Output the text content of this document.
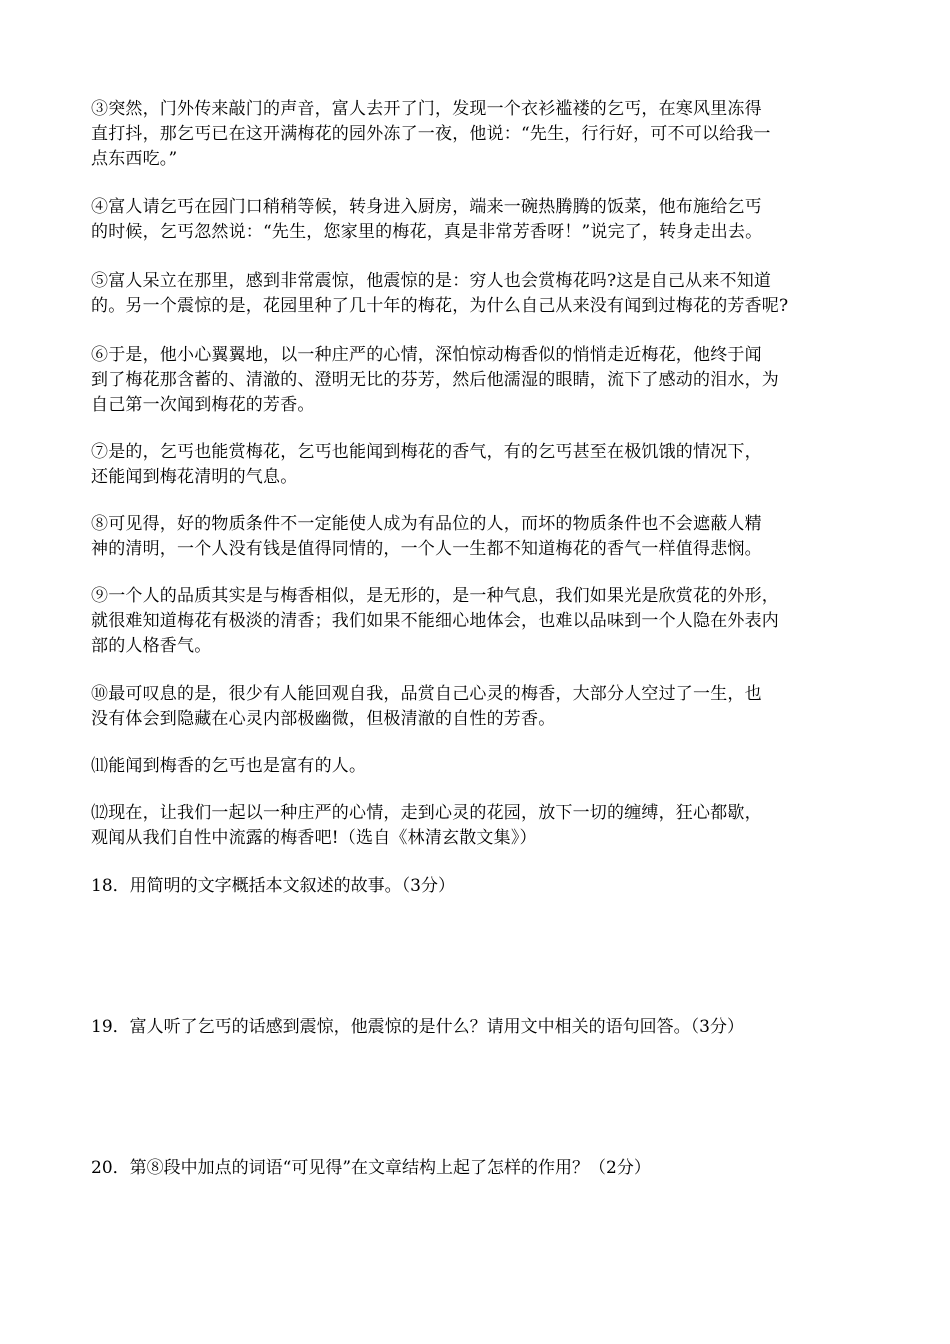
③突然，门外传来敲门的声音，富人去开了门，发现一个衣衫褴褛的乞丐，在寒风里冻得
直打抖，那乞丐已在这开满梅花的园外冻了一夜，他说：“先生，行行好，可不可以给我一
点东西吃。”

④富人请乞丐在园门口稍稍等候，转身进入厨房，端来一碗热腾腾的饭菜，他布施给乞丐
的时候，乞丐忽然说：“先生，您家里的梅花，真是非常芳香呀！”说完了，转身走出去。

⑤富人呆立在那里，感到非常震惊，他震惊的是：穷人也会赏梅花吗?这是自己从来不知道
的。另一个震惊的是，花园里种了几十年的梅花，为什么自己从来没有闻到过梅花的芳香呢?

⑥于是，他小心翼翼地，以一种庄严的心情，深怕惊动梅香似的悄悄走近梅花，他终于闻
到了梅花那含蓄的、清澈的、澄明无比的芬芳，然后他濡湿的眼睛，流下了感动的泪水，为
自己第一次闻到梅花的芳香。

⑦是的，乞丐也能赏梅花，乞丐也能闻到梅花的香气，有的乞丐甚至在极饥饿的情况下，
还能闻到梅花清明的气息。

⑧可见得，好的物质条件不一定能使人成为有品位的人，而坏的物质条件也不会遮蔽人精
神的清明，一个人没有钱是值得同情的，一个人一生都不知道梅花的香气一样值得悲悯。

⑨一个人的品质其实是与梅香相似，是无形的，是一种气息，我们如果光是欣赏花的外形，
就很难知道梅花有极淡的清香；我们如果不能细心地体会，也难以品味到一个人隐在外表内
部的人格香气。

⑩最可叹息的是，很少有人能回观自我，品赏自己心灵的梅香，大部分人空过了一生，也
没有体会到隐藏在心灵内部极幽微，但极清澈的自性的芳香。

⑾能闻到梅香的乞丐也是富有的人。

⑿现在，让我们一起以一种庄严的心情，走到心灵的花园，放下一切的缠缚，狂心都歇，
观闻从我们自性中流露的梅香吧!（选自《林清玄散文集》）

18．用简明的文字概括本文叙述的故事。（3分）

19．富人听了乞丐的话感到震惊，他震惊的是什么？请用文中相关的语句回答。（3分）

20．第⑧段中加点的词语“可见得”在文章结构上起了怎样的作用？（2分）
